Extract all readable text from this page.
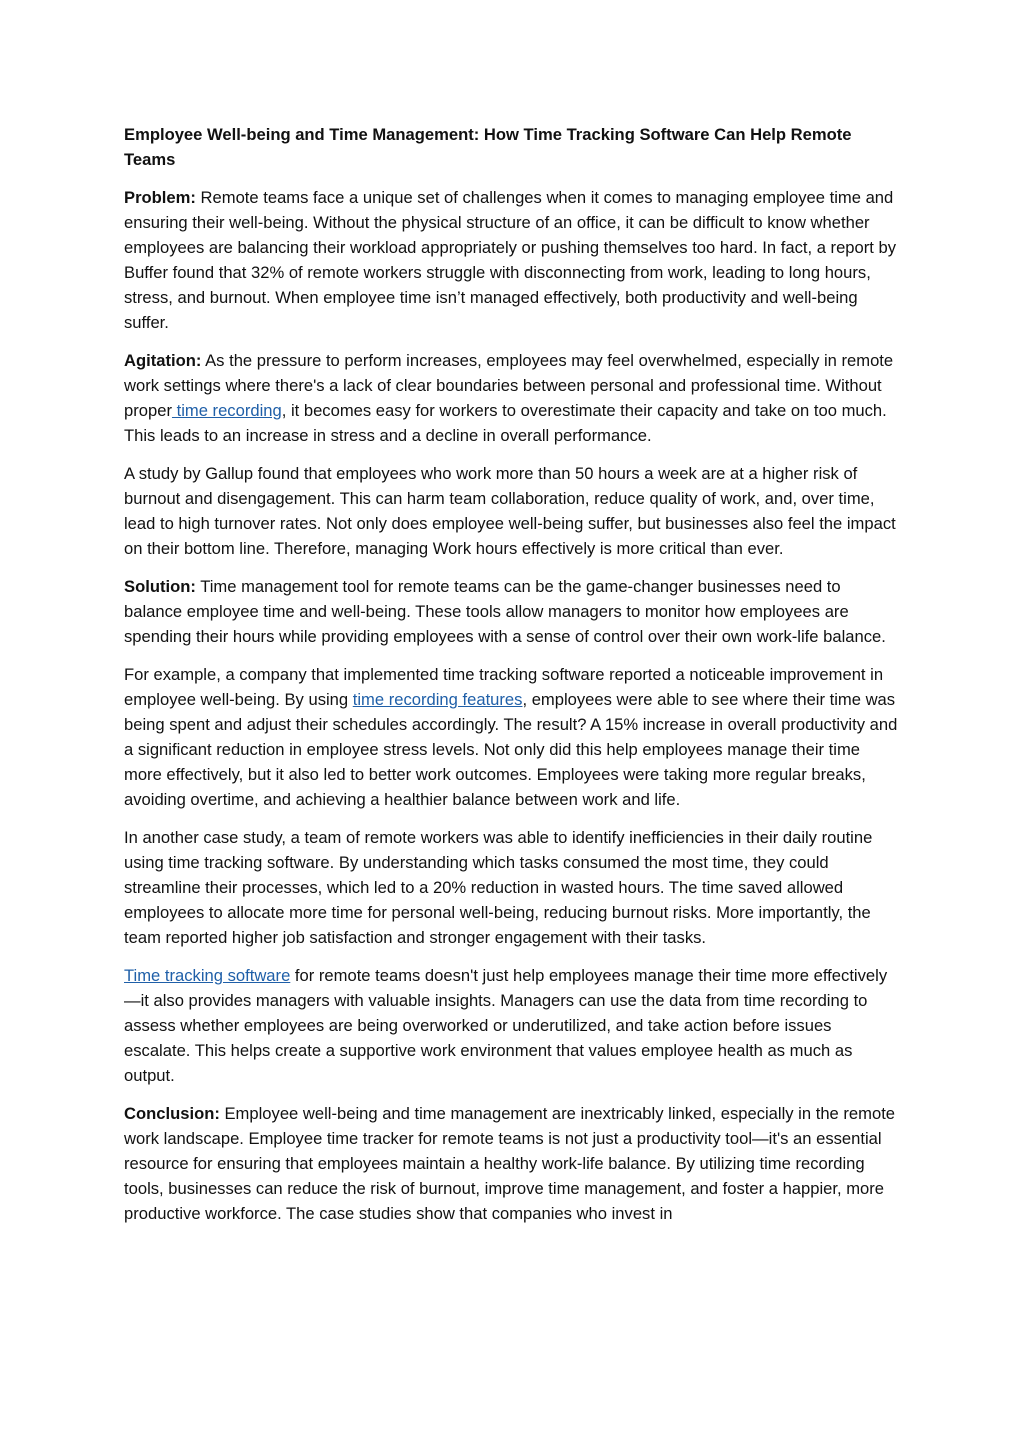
Employee Well-being and Time Management: How Time Tracking Software Can Help Remote Teams

Problem: Remote teams face a unique set of challenges when it comes to managing employee time and ensuring their well-being. Without the physical structure of an office, it can be difficult to know whether employees are balancing their workload appropriately or pushing themselves too hard. In fact, a report by Buffer found that 32% of remote workers struggle with disconnecting from work, leading to long hours, stress, and burnout. When employee time isn’t managed effectively, both productivity and well-being suffer.

Agitation: As the pressure to perform increases, employees may feel overwhelmed, especially in remote work settings where there's a lack of clear boundaries between personal and professional time. Without proper time recording, it becomes easy for workers to overestimate their capacity and take on too much. This leads to an increase in stress and a decline in overall performance.

A study by Gallup found that employees who work more than 50 hours a week are at a higher risk of burnout and disengagement. This can harm team collaboration, reduce quality of work, and, over time, lead to high turnover rates. Not only does employee well-being suffer, but businesses also feel the impact on their bottom line. Therefore, managing Work hours effectively is more critical than ever.

Solution: Time management tool for remote teams can be the game-changer businesses need to balance employee time and well-being. These tools allow managers to monitor how employees are spending their hours while providing employees with a sense of control over their own work-life balance.

For example, a company that implemented time tracking software reported a noticeable improvement in employee well-being. By using time recording features, employees were able to see where their time was being spent and adjust their schedules accordingly. The result? A 15% increase in overall productivity and a significant reduction in employee stress levels. Not only did this help employees manage their time more effectively, but it also led to better work outcomes. Employees were taking more regular breaks, avoiding overtime, and achieving a healthier balance between work and life.

In another case study, a team of remote workers was able to identify inefficiencies in their daily routine using time tracking software. By understanding which tasks consumed the most time, they could streamline their processes, which led to a 20% reduction in wasted hours. The time saved allowed employees to allocate more time for personal well-being, reducing burnout risks. More importantly, the team reported higher job satisfaction and stronger engagement with their tasks.

Time tracking software for remote teams doesn't just help employees manage their time more effectively—it also provides managers with valuable insights. Managers can use the data from time recording to assess whether employees are being overworked or underutilized, and take action before issues escalate. This helps create a supportive work environment that values employee health as much as output.

Conclusion: Employee well-being and time management are inextricably linked, especially in the remote work landscape. Employee time tracker for remote teams is not just a productivity tool—it's an essential resource for ensuring that employees maintain a healthy work-life balance. By utilizing time recording tools, businesses can reduce the risk of burnout, improve time management, and foster a happier, more productive workforce. The case studies show that companies who invest in
